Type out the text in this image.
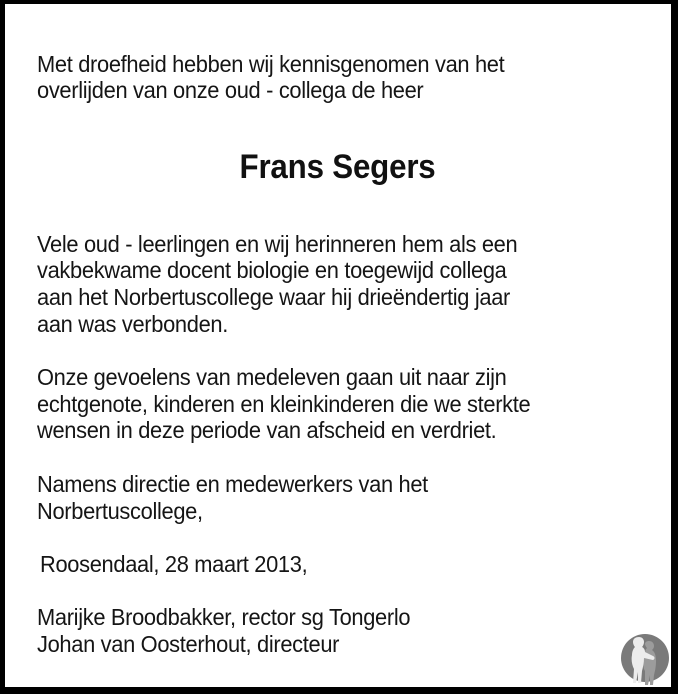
Met droefheid hebben wij kennisgenomen van het
overlijden van onze oud - collega de heer
Frans Segers
Vele oud - leerlingen en wij herinneren hem als een
vakbekwame docent biologie en toegewijd collega
aan het Norbertuscollege waar hij drieëndertig jaar
aan was verbonden.
Onze gevoelens van medeleven gaan uit naar zijn
echtgenote, kinderen en kleinkinderen die we sterkte
wensen in deze periode van afscheid en verdriet.
Namens directie en medewerkers van het
Norbertuscollege,
Roosendaal, 28 maart 2013,
Marijke Broodbakker, rector sg Tongerlo
Johan van Oosterhout, directeur
